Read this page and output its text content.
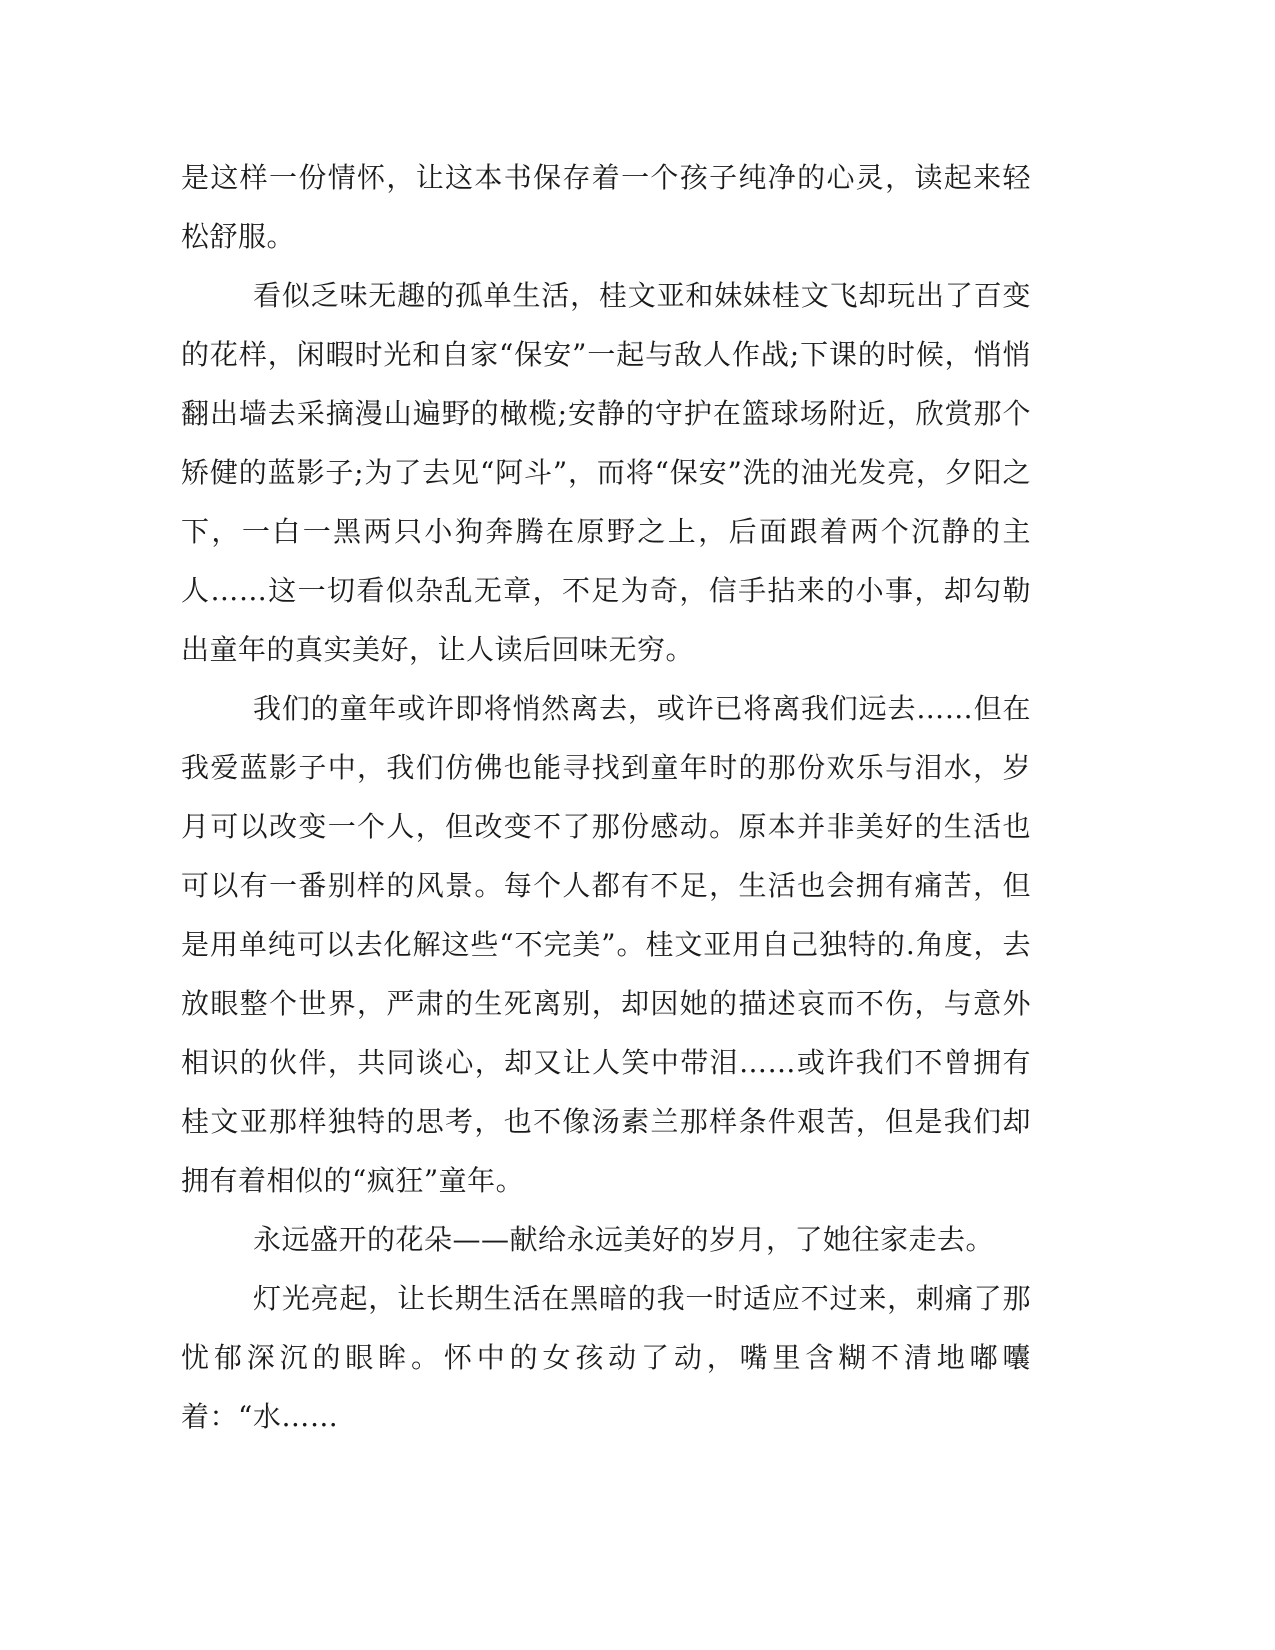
是这样一份情怀，让这本书保存着一个孩子纯净的心灵，读起来轻松舒服。

看似乏味无趣的孤单生活，桂文亚和妹妹桂文飞却玩出了百变的花样，闲暇时光和自家“保安”一起与敌人作战;下课的时候，悄悄翻出墙去采摘漫山遍野的橄榄;安静的守护在篮球场附近，欣赏那个矫健的蓝影子;为了去见“阿斗”，而将“保安”洗的油光发亮，夕阳之下，一白一黑两只小狗奔腾在原野之上，后面跟着两个沉静的主人……这一切看似杂乱无章，不足为奇，信手拈来的小事，却勾勒出童年的真实美好，让人读后回味无穷。

我们的童年或许即将悄然离去，或许已将离我们远去……但在我爱蓝影子中，我们仿佛也能寻找到童年时的那份欢乐与泪水，岁月可以改变一个人，但改变不了那份感动。原本并非美好的生活也可以有一番别样的风景。每个人都有不足，生活也会拥有痛苦，但是用单纯可以去化解这些“不完美”。桂文亚用自己独特的.角度，去放眼整个世界，严肃的生死离别，却因她的描述哀而不伤，与意外相识的伙伴，共同谈心，却又让人笑中带泪……或许我们不曾拥有桂文亚那样独特的思考，也不像汤素兰那样条件艰苦，但是我们却拥有着相似的“疯狂”童年。

永远盛开的花朵——献给永远美好的岁月，了她往家走去。

灯光亮起，让长期生活在黑暗的我一时适应不过来，刺痛了那忧郁深沉的眼眸。怀中的女孩动了动，嘴里含糊不清地嘟囔着：“水……
